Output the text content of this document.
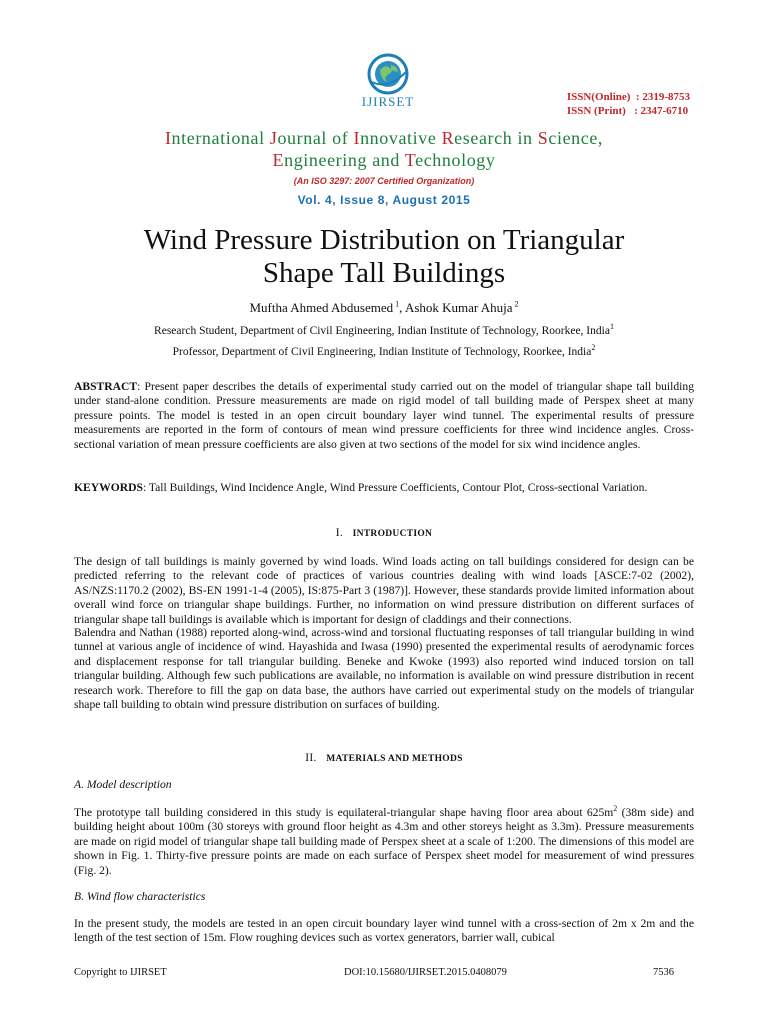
IJIRSET	ISSN(Online)  : 2319-8753
ISSN (Print)   : 2347-6710
International Journal of Innovative Research in Science,
Engineering and Technology
(An ISO 3297: 2007 Certified Organization)
Vol. 4, Issue 8, August 2015
Wind Pressure Distribution on Triangular
Shape Tall Buildings
Muftha Ahmed Abdusemed $^1$, Ashok Kumar Ahuja $^2$
Research Student, Department of Civil Engineering, Indian Institute of Technology, Roorkee, India$^1$
Professor, Department of Civil Engineering, Indian Institute of Technology, Roorkee, India$^2$
ABSTRACT: Present paper describes the details of experimental study carried out on the model of triangular shape tall building under stand-alone condition. Pressure measurements are made on rigid model of tall building made of Perspex sheet at many pressure points. The model is tested in an open circuit boundary layer wind tunnel. The experimental results of pressure measurements are reported in the form of contours of mean wind pressure coefficients for three wind incidence angles. Cross-sectional variation of mean pressure coefficients are also given at two sections of the model for six wind incidence angles.
KEYWORDS: Tall Buildings, Wind Incidence Angle, Wind Pressure Coefficients, Contour Plot, Cross-sectional Variation.
I. INTRODUCTION
The design of tall buildings is mainly governed by wind loads. Wind loads acting on tall buildings considered for design can be predicted referring to the relevant code of practices of various countries dealing with wind loads [ASCE:7-02 (2002), AS/NZS:1170.2 (2002), BS-EN 1991-1-4 (2005), IS:875-Part 3 (1987)]. However, these standards provide limited information about overall wind force on triangular shape buildings. Further, no information on wind pressure distribution on different surfaces of triangular shape tall buildings is available which is important for design of claddings and their connections.
Balendra and Nathan (1988) reported along-wind, across-wind and torsional fluctuating responses of tall triangular building in wind tunnel at various angle of incidence of wind. Hayashida and Iwasa (1990) presented the experimental results of aerodynamic forces and displacement response for tall triangular building. Beneke and Kwoke (1993) also reported wind induced torsion on tall triangular building. Although few such publications are available, no information is available on wind pressure distribution in recent research work. Therefore to fill the gap on data base, the authors have carried out experimental study on the models of triangular shape tall building to obtain wind pressure distribution on surfaces of building.
II. MATERIALS AND METHODS
A. Model description
The prototype tall building considered in this study is equilateral-triangular shape having floor area about $625m^2$ (38m side) and building height about 100m (30 storeys with ground floor height as 4.3m and other storeys height as 3.3m). Pressure measurements are made on rigid model of triangular shape tall building made of Perspex sheet at a scale of 1:200. The dimensions of this model are shown in Fig. 1. Thirty-five pressure points are made on each surface of Perspex sheet model for measurement of wind pressures (Fig. 2).
B. Wind flow characteristics
In the present study, the models are tested in an open circuit boundary layer wind tunnel with a cross-section of 2m x 2m and the length of the test section of 15m. Flow roughing devices such as vortex generators, barrier wall, cubical
Copyright to IJIRSET	DOI:10.15680/IJIRSET.2015.0408079	7536
